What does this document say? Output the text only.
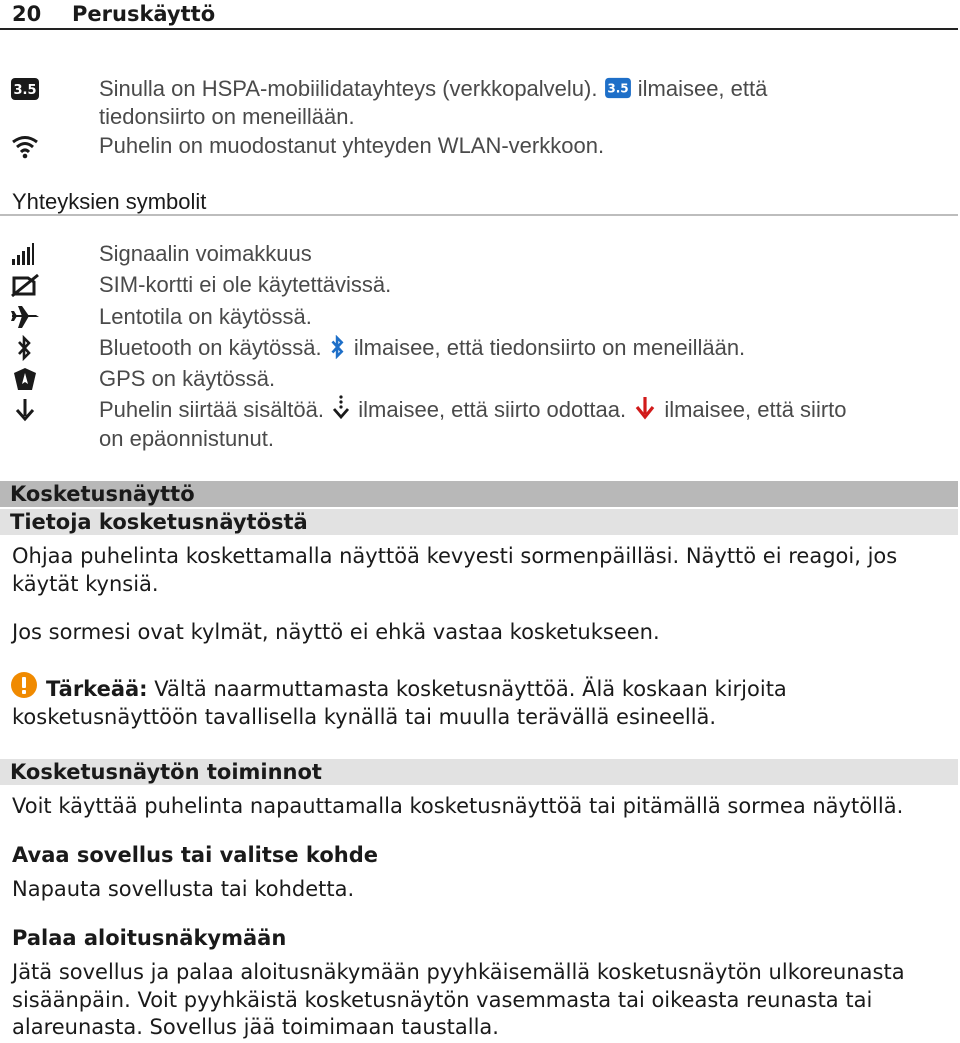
20 Peruskäyttö
3.5	Sinulla on HSPA-mobiilidatayhteys (verkkopalvelu). 3.5 ilmaisee, että
tiedonsiirto on meneillään.
Puhelin on muodostanut yhteyden WLAN-verkkoon.
Yhteyksien symbolit
Signaalin voimakkuus
SIM-kortti ei ole käytettävissä.
Lentotila on käytössä.
Bluetooth on käytössä. ilmaisee, että tiedonsiirto on meneillään.
GPS on käytössä.
Puhelin siirtää sisältöä. ilmaisee, että siirto odottaa. ilmaisee, että siirto
on epäonnistunut.
Kosketusnäyttö
Tietoja kosketusnäytöstä
Ohjaa puhelinta koskettamalla näyttöä kevyesti sormenpäilläsi. Näyttö ei reagoi, jos
käytät kynsiä.
Jos sormesi ovat kylmät, näyttö ei ehkä vastaa kosketukseen.
Tärkeää: Vältä naarmuttamasta kosketusnäyttöä. Älä koskaan kirjoita
kosketusnäyttöön tavallisella kynällä tai muulla terävällä esineellä.
Kosketusnäytön toiminnot
Voit käyttää puhelinta napauttamalla kosketusnäyttöä tai pitämällä sormea näytöllä.
Avaa sovellus tai valitse kohde
Napauta sovellusta tai kohdetta.
Palaa aloitusnäkymään
Jätä sovellus ja palaa aloitusnäkymään pyyhkäisemällä kosketusnäytön ulkoreunasta
sisäänpäin. Voit pyyhkäistä kosketusnäytön vasemmasta tai oikeasta reunasta tai
alareunasta. Sovellus jää toimimaan taustalla.
